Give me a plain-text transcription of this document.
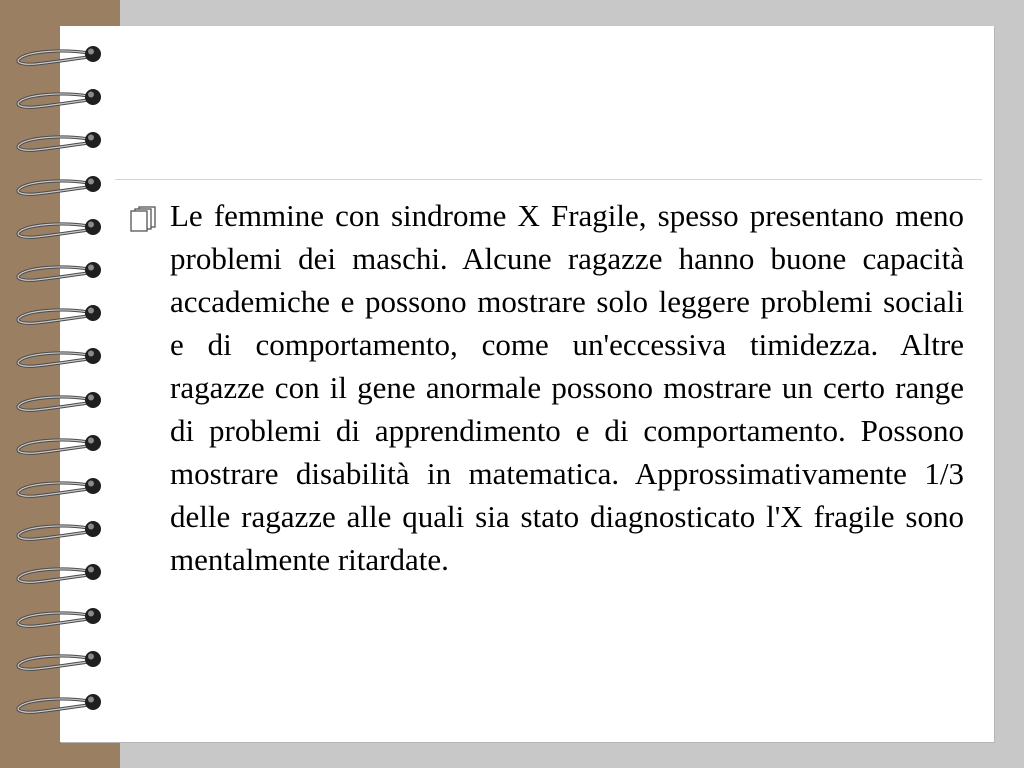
Le femmine con sindrome X Fragile, spesso presentano meno problemi dei maschi. Alcune ragazze hanno buone capacità accademiche e possono mostrare solo leggere problemi sociali e di comportamento, come un'eccessiva timidezza. Altre ragazze con il gene anormale possono mostrare un certo range di problemi di apprendimento e di comportamento. Possono mostrare disabilità in matematica. Approssimativamente 1/3 delle ragazze alle quali sia stato diagnosticato l'X fragile sono mentalmente ritardate.
